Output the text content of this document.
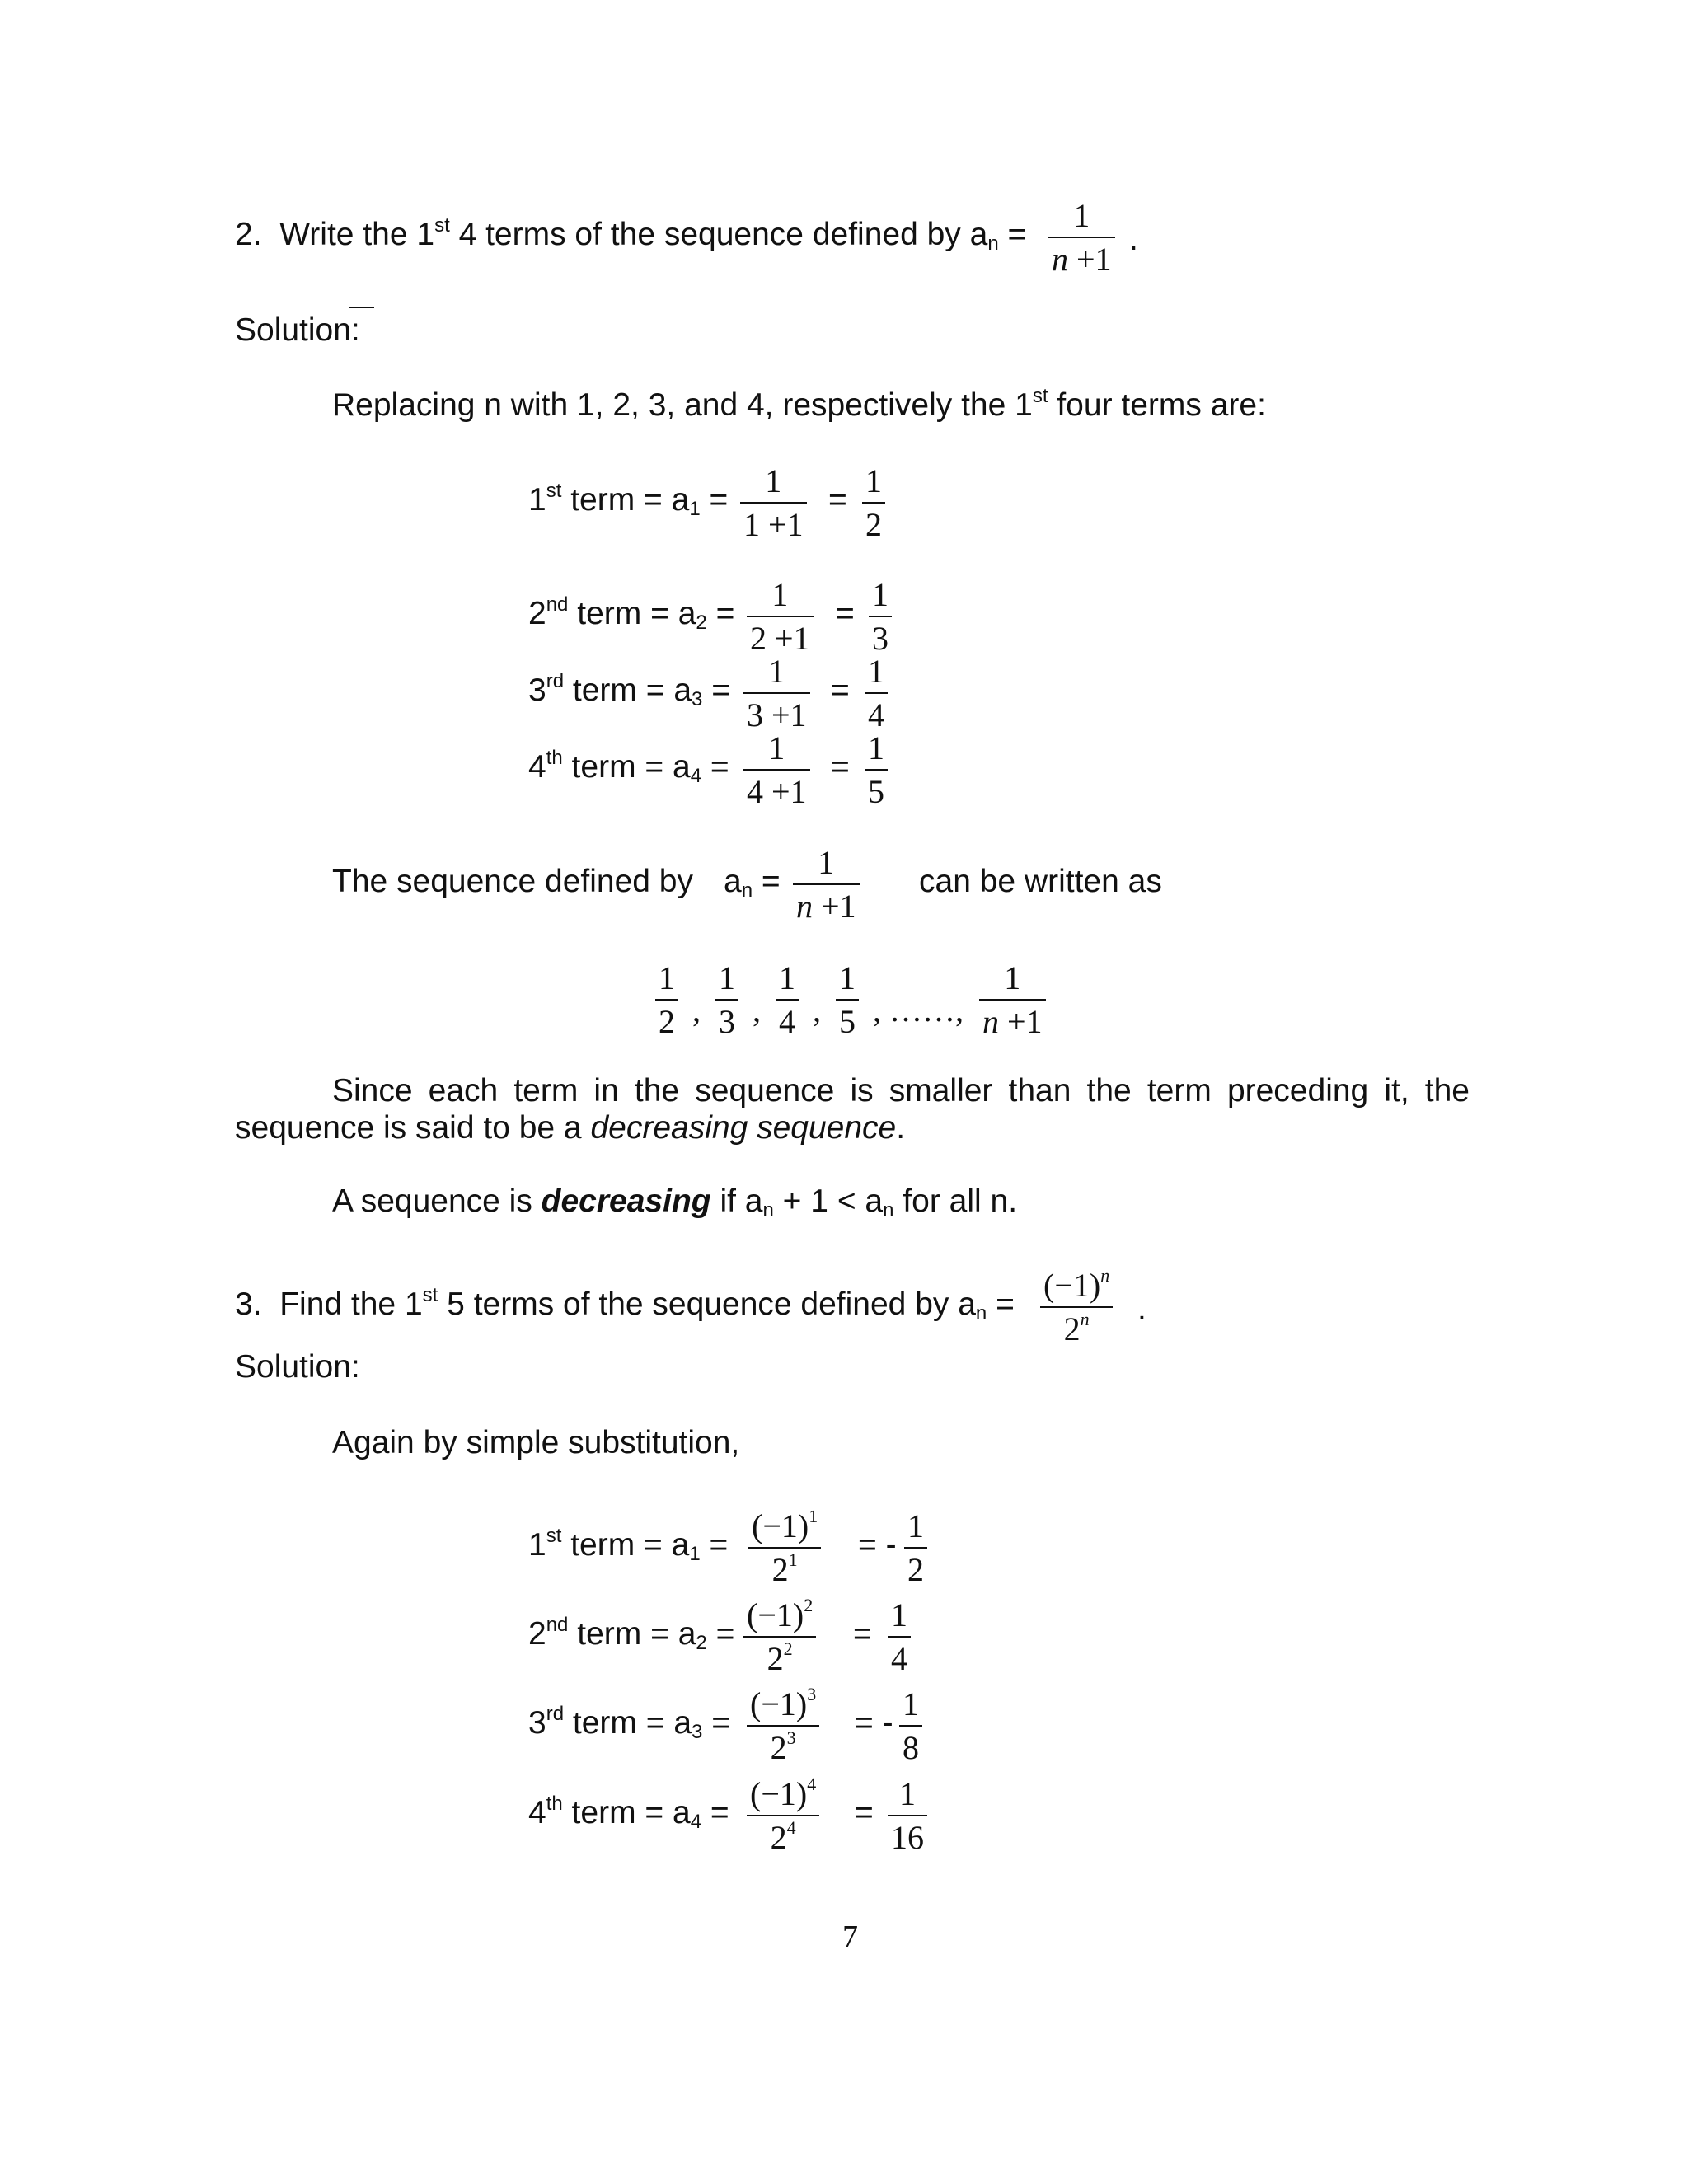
2. Write the 1st 4 terms of the sequence defined by $a_n$ =
1
n +1
.
Solution:
Replacing n with 1, 2, 3, and 4, respectively the 1st four terms are:
1st term = $a_1$ =
1
1 +1
=
1
2
2nd term = $a_2$ =
1
2 +1
=
1
3
3rd term = $a_3$ =
1
3 +1
=
1
4
4th term = $a_4$ =
1
4 +1
=
1
5
The sequence defined by $a_n$ =
1
n +1
can be written as
1
2 ,
1
3 ,
1
4 ,
1
5 , ……,
1
n +1
Since each term in the sequence is smaller than the term preceding it, the
sequence is said to be a decreasing sequence.
A sequence is decreasing if $a_n + 1 < a_n$ for all n.
3. Find the 1st 5 terms of the sequence defined by $a_n$ =
$(-1)^n$
2$^n$ .
Solution:
Again by simple substitution,
1st term = $a_1$ =
$(-1)^1$
$2^1$ = -
1
2
2nd term = $a_2$ =
$(-1)^2$
$2^2$ =
1
4
3rd term = $a_3$ =
$(-1)^3$
$2^3$ = -
1
8
4th term = $a_4$ =
$(-1)^4$
$2^4$ =
1
16
7
